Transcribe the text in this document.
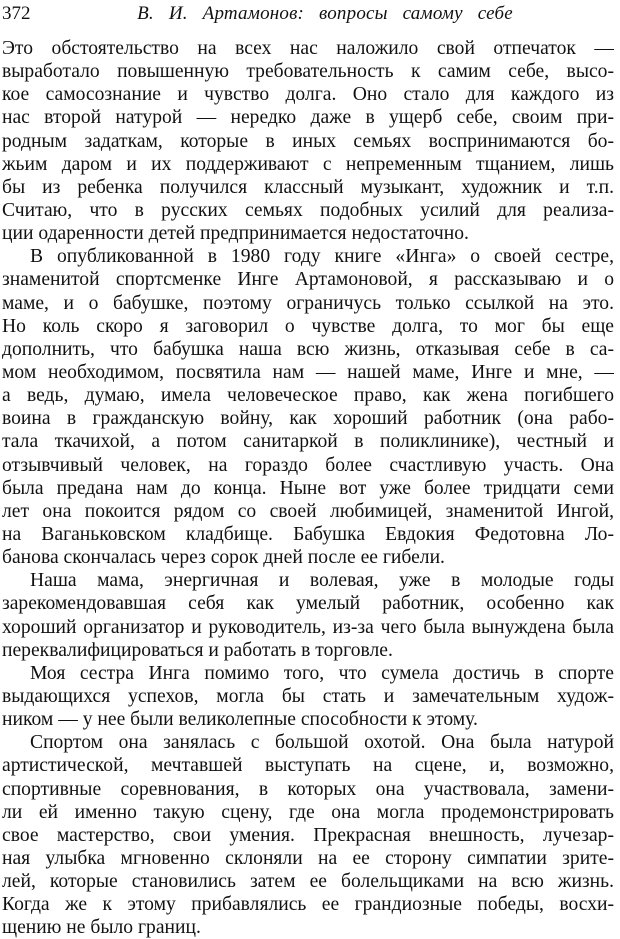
372	В. И. Артамонов: вопросы самому себе
Это обстоятельство на всех нас наложило свой отпечаток —
выработало повышенную требовательность к самим себе, высо-
кое самосознание и чувство долга. Оно стало для каждого из
нас второй натурой — нередко даже в ущерб себе, своим при-
родным задаткам, которые в иных семьях воспринимаются бо-
жьим даром и их поддерживают с непременным тщанием, лишь
бы из ребенка получился классный музыкант, художник и т.п.
Считаю, что в русских семьях подобных усилий для реализа-
ции одаренности детей предпринимается недостаточно.
В опубликованной в 1980 году книге «Инга» о своей сестре,
знаменитой спортсменке Инге Артамоновой, я рассказываю и о
маме, и о бабушке, поэтому ограничусь только ссылкой на это.
Но коль скоро я заговорил о чувстве долга, то мог бы еще
дополнить, что бабушка наша всю жизнь, отказывая себе в са-
мом необходимом, посвятила нам — нашей маме, Инге и мне, —
а ведь, думаю, имела человеческое право, как жена погибшего
воина в гражданскую войну, как хороший работник (она рабо-
тала ткачихой, а потом санитаркой в поликлинике), честный и
отзывчивый человек, на гораздо более счастливую участь. Она
была предана нам до конца. Ныне вот уже более тридцати семи
лет она покоится рядом со своей любимицей, знаменитой Ингой,
на Ваганьковском кладбище. Бабушка Евдокия Федотовна Ло-
банова скончалась через сорок дней после ее гибели.
Наша мама, энергичная и волевая, уже в молодые годы
зарекомендовавшая себя как умелый работник, особенно как
хороший организатор и руководитель, из-за чего была вынуждена была
переквалифицироваться и работать в торговле.
Моя сестра Инга помимо того, что сумела достичь в спорте
выдающихся успехов, могла бы стать и замечательным худож-
ником — у нее были великолепные способности к этому.
Спортом она занялась с большой охотой. Она была натурой
артистической, мечтавшей выступать на сцене, и, возможно,
спортивные соревнования, в которых она участвовала, замени-
ли ей именно такую сцену, где она могла продемонстрировать
свое мастерство, свои умения. Прекрасная внешность, лучезар-
ная улыбка мгновенно склоняли на ее сторону симпатии зрите-
лей, которые становились затем ее болельщиками на всю жизнь.
Когда же к этому прибавлялись ее грандиозные победы, восхи-
щению не было границ.
